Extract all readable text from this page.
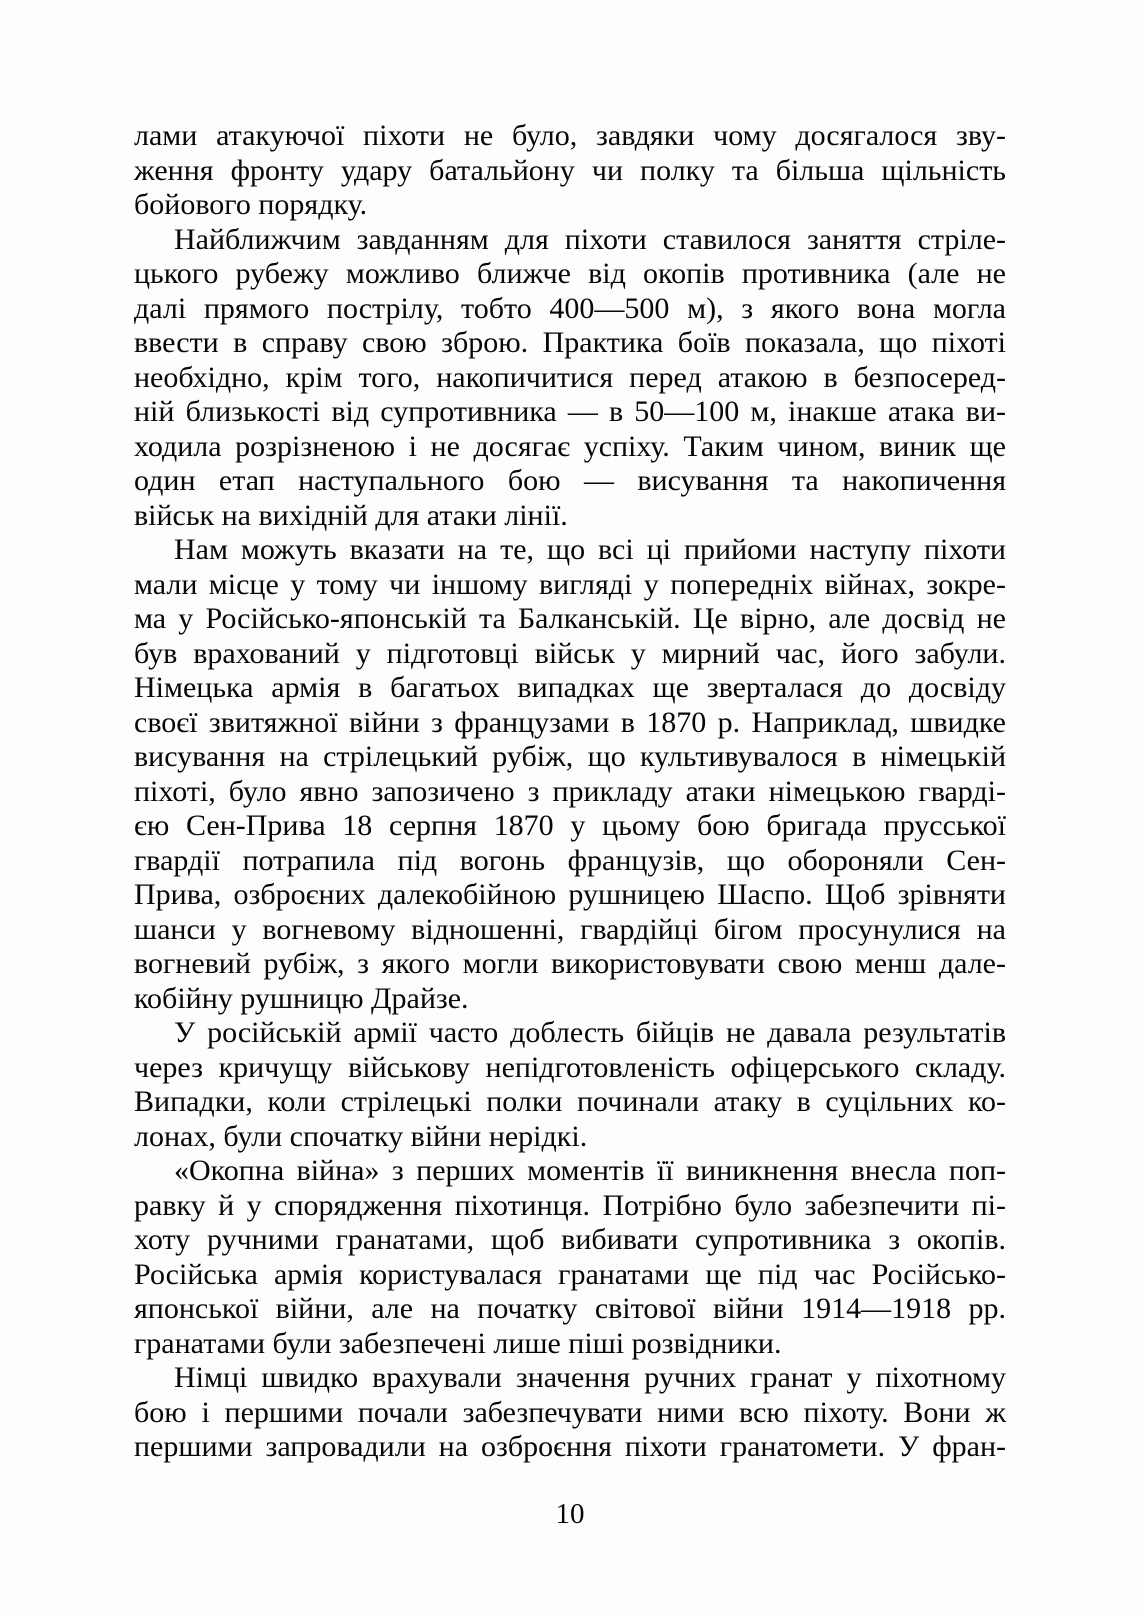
лами атакуючої піхоти не було, завдяки чому досягалося зву-
ження фронту удару батальйону чи полку та більша щільність
бойового порядку.
Найближчим завданням для піхоти ставилося заняття стріле-
цького рубежу можливо ближче від окопів противника (але не
далі прямого пострілу, тобто 400—500 м), з якого вона могла
ввести в справу свою зброю. Практика боїв показала, що піхоті
необхідно, крім того, накопичитися перед атакою в безпосеред-
ній близькості від супротивника — в 50—100 м, інакше атака ви-
ходила розрізненою і не досягає успіху. Таким чином, виник ще
один етап наступального бою — висування та накопичення
військ на вихідній для атаки лінії.
Нам можуть вказати на те, що всі ці прийоми наступу піхоти
мали місце у тому чи іншому вигляді у попередніх війнах, зокре-
ма у Російсько-японській та Балканській. Це вірно, але досвід не
був врахований у підготовці військ у мирний час, його забули.
Німецька армія в багатьох випадках ще зверталася до досвіду
своєї звитяжної війни з французами в 1870 р. Наприклад, швидке
висування на стрілецький рубіж, що культивувалося в німецькій
піхоті, було явно запозичено з прикладу атаки німецькою гварді-
єю Сен-Прива 18 серпня 1870 у цьому бою бригада прусської
гвардії потрапила під вогонь французів, що обороняли Сен-
Прива, озброєних далекобійною рушницею Шаспо. Щоб зрівняти
шанси у вогневому відношенні, гвардійці бігом просунулися на
вогневий рубіж, з якого могли використовувати свою менш дале-
кобійну рушницю Драйзе.
У російській армії часто доблесть бійців не давала результатів
через кричущу військову непідготовленість офіцерського складу.
Випадки, коли стрілецькі полки починали атаку в суцільних ко-
лонах, були спочатку війни нерідкі.
«Окопна війна» з перших моментів її виникнення внесла поп-
равку й у спорядження піхотинця. Потрібно було забезпечити пі-
хоту ручними гранатами, щоб вибивати супротивника з окопів.
Російська армія користувалася гранатами ще під час Російсько-
японської війни, але на початку світової війни 1914—1918 рр.
гранатами були забезпечені лише піші розвідники.
Німці швидко врахували значення ручних гранат у піхотному
бою і першими почали забезпечувати ними всю піхоту. Вони ж
першими запровадили на озброєння піхоти гранатомети. У фран-
10
